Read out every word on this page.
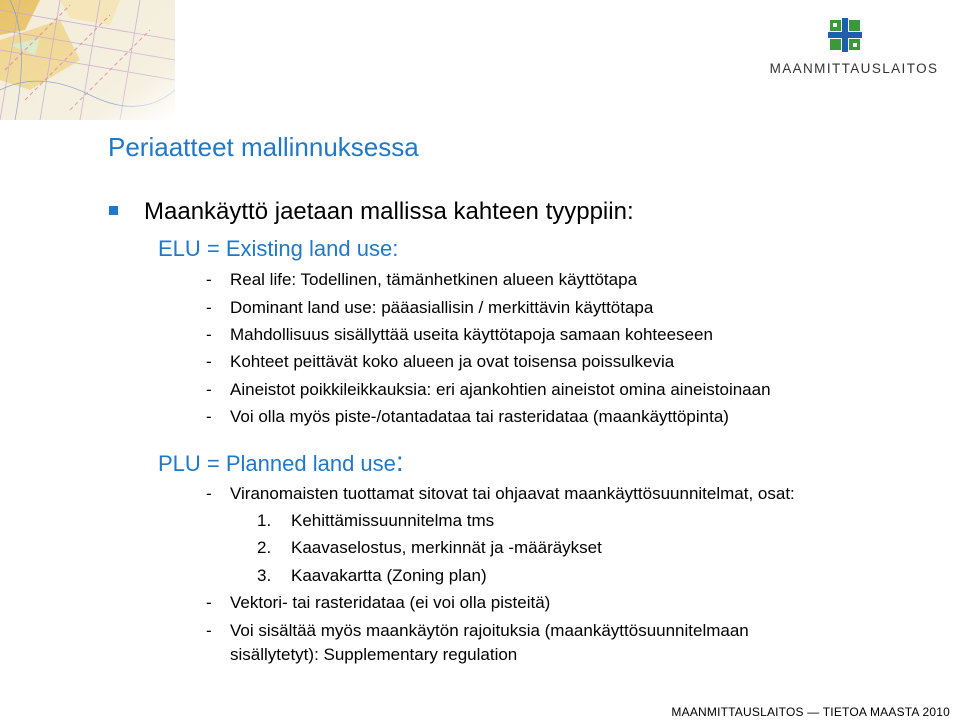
MAANMITTAUSLAITOS
Periaatteet mallinnuksessa
Maankäyttö jaetaan mallissa kahteen tyyppiin:
ELU = Existing land use:
- Real life: Todellinen, tämänhetkinen alueen käyttötapa
- Dominant land use: pääasiallisin / merkittävin käyttötapa
- Mahdollisuus sisällyttää useita käyttötapoja samaan kohteeseen
- Kohteet peittävät koko alueen ja ovat toisensa poissulkevia
- Aineistot poikkileikkauksia: eri ajankohtien aineistot omina aineistoinaan
- Voi olla myös piste-/otantadataa tai rasteridataa (maankäyttöpinta)
PLU = Planned land use:
- Viranomaisten tuottamat sitovat tai ohjaavat maankäyttösuunnitelmat, osat:
1. Kehittämissuunnitelma tms
2. Kaavaselostus, merkinnät ja -määräykset
3. Kaavakartta (Zoning plan)
- Vektori- tai rasteridataa (ei voi olla pisteitä)
- Voi sisältää myös maankäytön rajoituksia (maankäyttösuunnitelmaan
sisällytetyt): Supplementary regulation
MAANMITTAUSLAITOS — TIETOA MAASTA 2010
